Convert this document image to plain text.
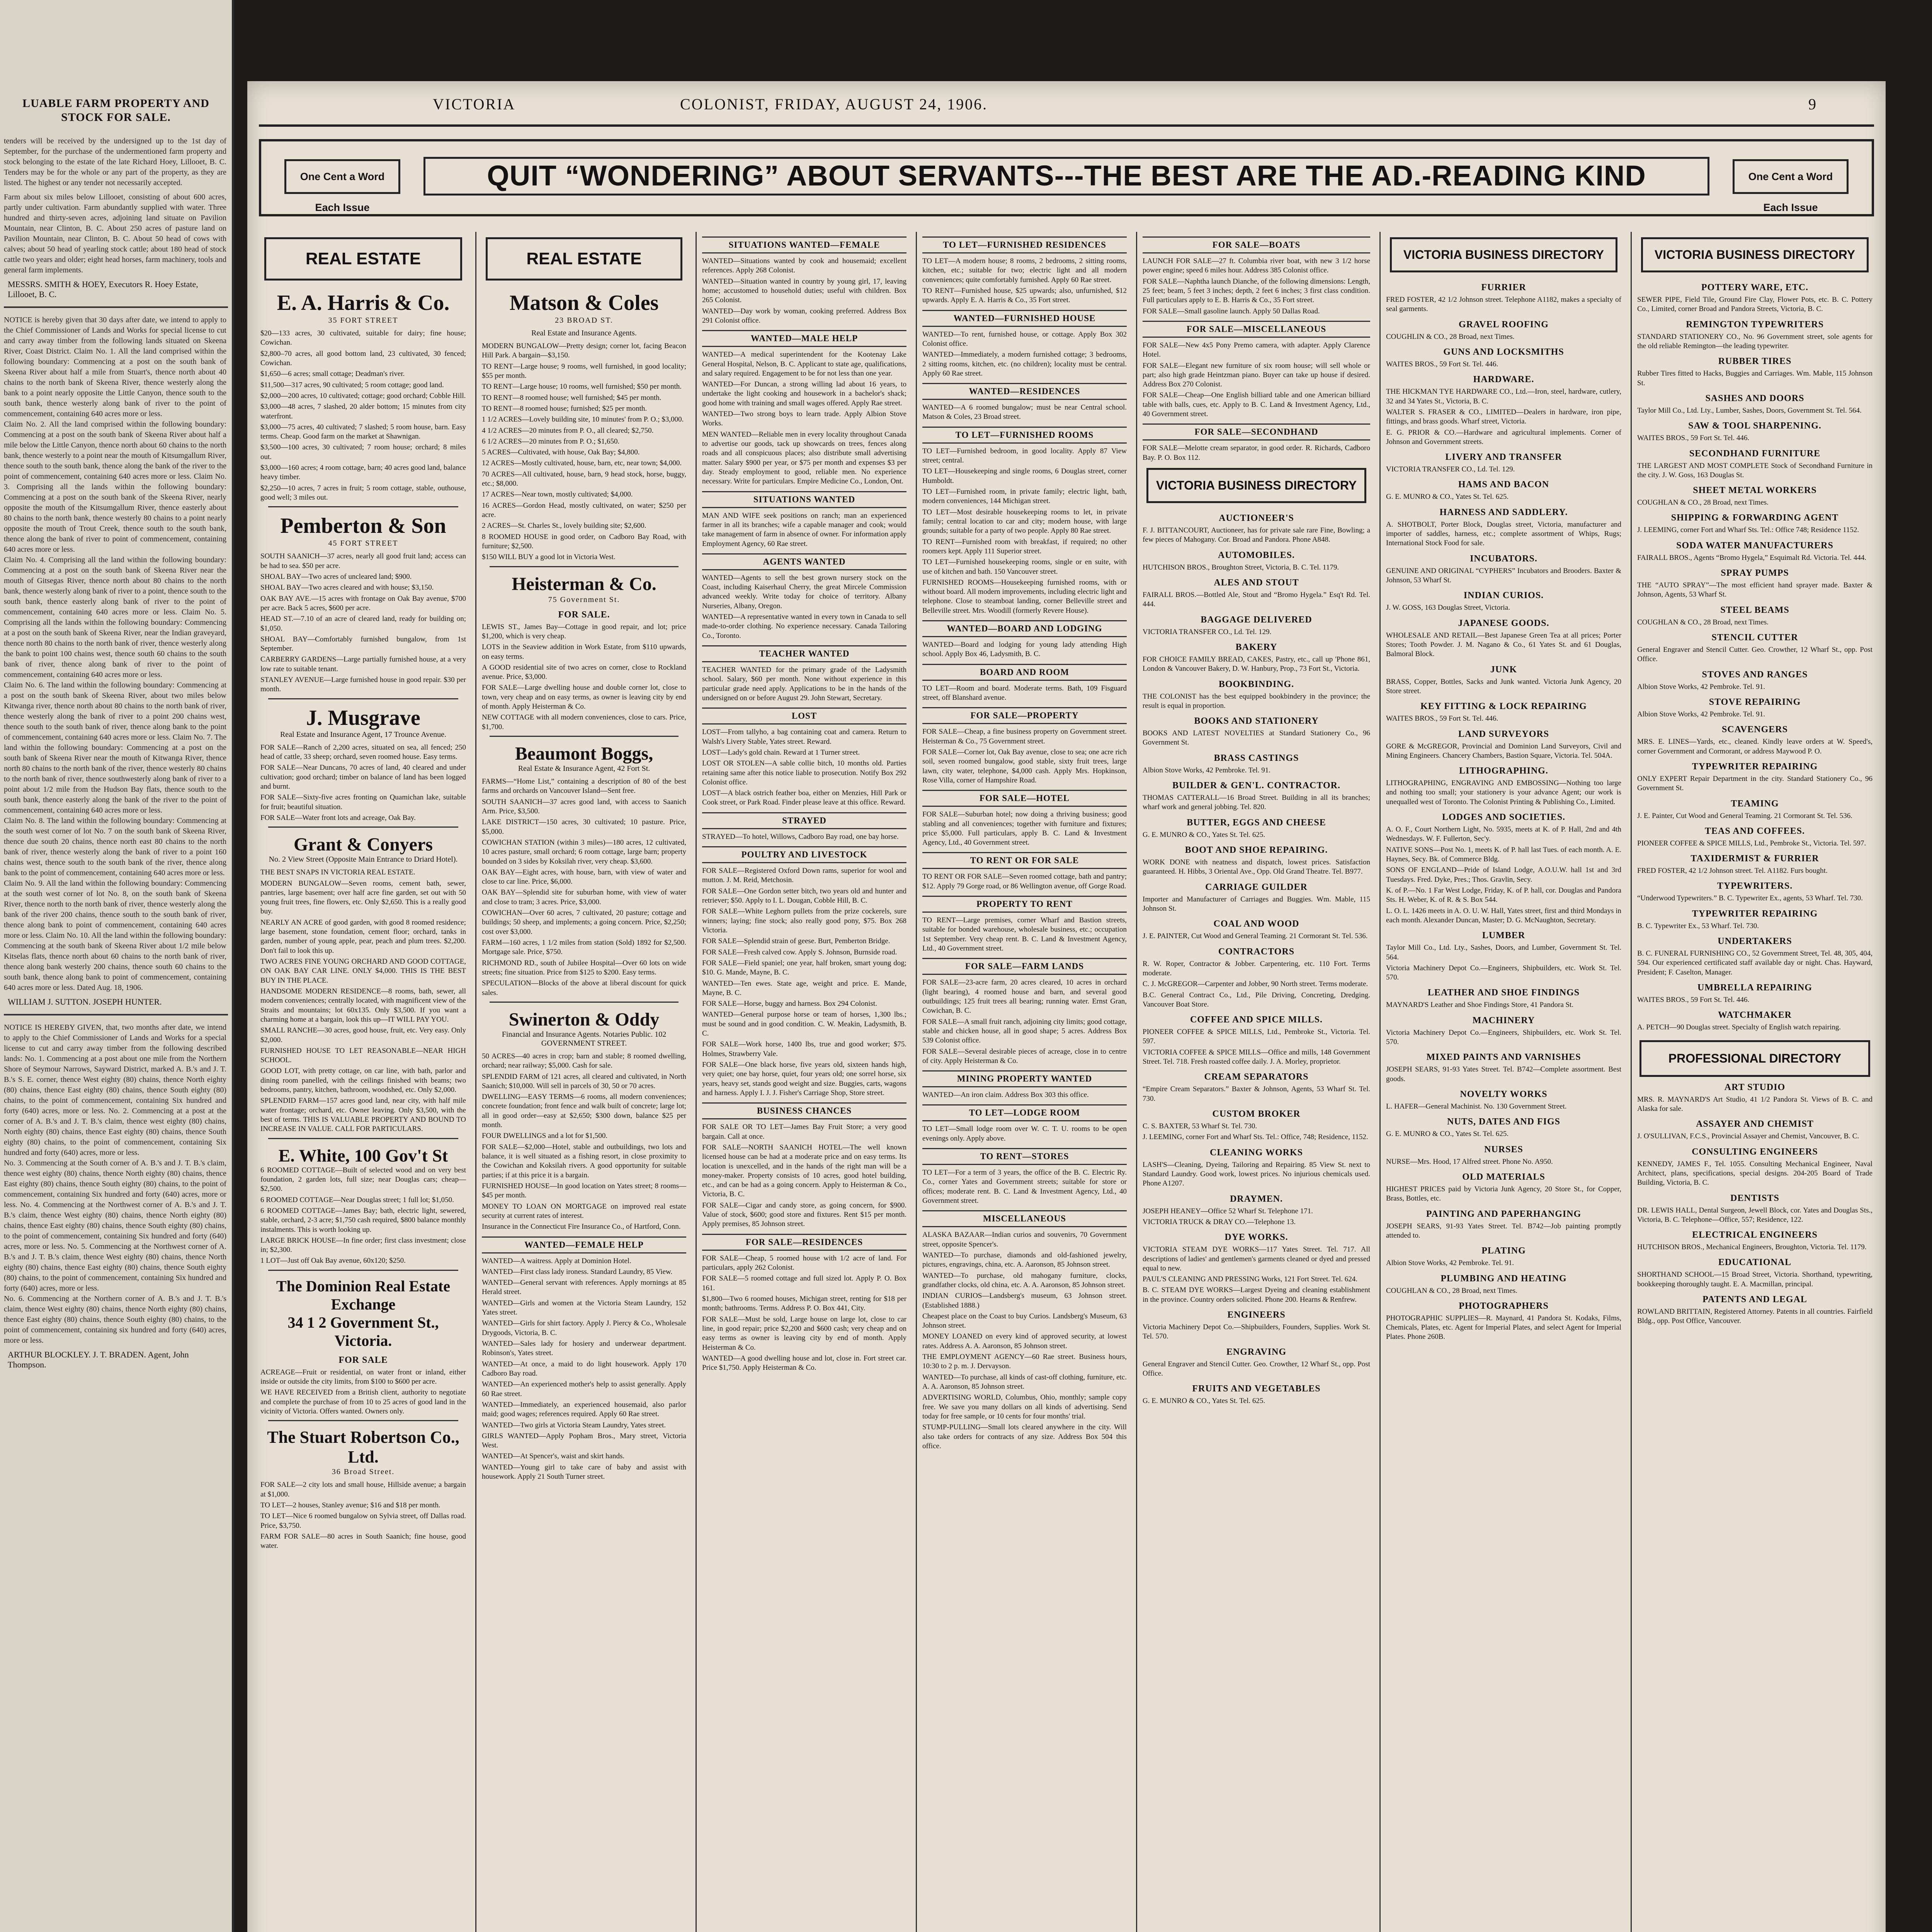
LUABLE FARM PROPERTY AND STOCK FOR SALE.
tenders will be received by the undersigned up to the 1st day of September, for the purchase of the undermentioned farm property and stock belonging to the estate of the late Richard Hoey, Lillooet, B. C. Tenders may be for the whole or any part of the property, as they are listed. The highest or any tender not necessarily accepted.
Farm about six miles below Lillooet, consisting of about 600 acres, partly under cultivation. Farm abundantly supplied with water. Three hundred and thirty-seven acres, adjoining land situate on Pavilion Mountain, near Clinton, B. C. About 250 acres of pasture land on Pavilion Mountain, near Clinton, B. C. About 50 head of cows with calves; about 50 head of yearling stock cattle; about 180 head of stock cattle two years and older; eight head horses, farm machinery, tools and general farm implements.
MESSRS. SMITH & HOEY, Executors R. Hoey Estate, Lillooet, B. C.
NOTICE is hereby given that 30 days after date, we intend to apply to the Chief Commissioner of Lands and Works for special license to cut and carry away timber from the following lands situated on Skeena River, Coast District. Claim No. 1. All the land comprised within the following boundary: Commencing at a post on the south bank of Skeena River about half a mile from Stuart's, thence north about 40 chains to the north bank of Skeena River, thence westerly along the bank to a point nearly opposite the Little Canyon, thence south to the south bank, thence westerly along bank of river to the point of commencement, containing 640 acres more or less.
Claim No. 2. All the land comprised within the following boundary: Commencing at a post on the south bank of Skeena River about half a mile below the Little Canyon, thence north about 60 chains to the north bank, thence westerly to a point near the mouth of Kitsumgallum River, thence south to the south bank, thence along the bank of the river to the point of commencement, containing 640 acres more or less. Claim No. 3. Comprising all the lands within the following boundary: Commencing at a post on the south bank of the Skeena River, nearly opposite the mouth of the Kitsumgallum River, thence easterly about 80 chains to the north bank, thence westerly 80 chains to a point nearly opposite the mouth of Trout Creek, thence south to the south bank, thence along the bank of river to point of commencement, containing 640 acres more or less.
Claim No. 4. Comprising all the land within the following boundary: Commencing at a post on the south bank of Skeena River near the mouth of Gitsegas River, thence north about 80 chains to the north bank, thence westerly along bank of river to a point, thence south to the south bank, thence easterly along bank of river to the point of commencement, containing 640 acres more or less. Claim No. 5. Comprising all the lands within the following boundary: Commencing at a post on the south bank of Skeena River, near the Indian graveyard, thence north 80 chains to the north bank of river, thence westerly along the bank to point 100 chains west, thence south 60 chains to the south bank of river, thence along bank of river to the point of commencement, containing 640 acres more or less.
Claim No. 6. The land within the following boundary: Commencing at a post on the south bank of Skeena River, about two miles below Kitwanga river, thence north about 80 chains to the north bank of river, thence westerly along the bank of river to a point 200 chains west, thence south to the south bank of river, thence along bank to the point of commencement, containing 640 acres more or less. Claim No. 7. The land within the following boundary: Commencing at a post on the south bank of Skeena River near the mouth of Kitwanga River, thence north 80 chains to the north bank of the river, thence westerly 80 chains to the north bank of river, thence southwesterly along bank of river to a point about 1/2 mile from the Hudson Bay flats, thence south to the south bank, thence easterly along the bank of the river to the point of commencement, containing 640 acres more or less.
Claim No. 8. The land within the following boundary: Commencing at the south west corner of lot No. 7 on the south bank of Skeena River, thence due south 20 chains, thence north east 80 chains to the north bank of river, thence westerly along the bank of river to a point 160 chains west, thence south to the south bank of the river, thence along bank to the point of commencement, containing 640 acres more or less.
Claim No. 9. All the land within the following boundary: Commencing at the south west corner of lot No. 8, on the south bank of Skeena River, thence north to the north bank of river, thence westerly along the bank of the river 200 chains, thence south to the south bank of river, thence along bank to point of commencement, containing 640 acres more or less. Claim No. 10. All the land within the following boundary: Commencing at the south bank of Skeena River about 1/2 mile below Kitselas flats, thence north about 60 chains to the north bank of river, thence along bank westerly 200 chains, thence south 60 chains to the south bank, thence along bank to point of commencement, containing 640 acres more or less. Dated Aug. 18, 1906.
WILLIAM J. SUTTON. JOSEPH HUNTER.
NOTICE IS HEREBY GIVEN, that, two months after date, we intend to apply to the Chief Commissioner of Lands and Works for a special license to cut and carry away timber from the following described lands: No. 1. Commencing at a post about one mile from the Northern Shore of Seymour Narrows, Sayward District, marked A. B.'s and J. T. B.'s S. E. corner, thence West eighty (80) chains, thence North eighty (80) chains, thence East eighty (80) chains, thence South eighty (80) chains, to the point of commencement, containing Six hundred and forty (640) acres, more or less. No. 2. Commencing at a post at the corner of A. B.'s and J. T. B.'s claim, thence west eighty (80) chains, North eighty (80) chains, thence East eighty (80) chains, thence South eighty (80) chains, to the point of commencement, containing Six hundred and forty (640) acres, more or less.
No. 3. Commencing at the South corner of A. B.'s and J. T. B.'s claim, thence west eighty (80) chains, thence North eighty (80) chains, thence East eighty (80) chains, thence South eighty (80) chains, to the point of commencement, containing Six hundred and forty (640) acres, more or less. No. 4. Commencing at the Northwest corner of A. B.'s and J. T. B.'s claim, thence West eighty (80) chains, thence North eighty (80) chains, thence East eighty (80) chains, thence South eighty (80) chains, to the point of commencement, containing Six hundred and forty (640) acres, more or less. No. 5. Commencing at the Northwest corner of A. B.'s and J. T. B.'s claim, thence West eighty (80) chains, thence North eighty (80) chains, thence East eighty (80) chains, thence South eighty (80) chains, to the point of commencement, containing Six hundred and forty (640) acres, more or less.
No. 6. Commencing at the Northern corner of A. B.'s and J. T. B.'s claim, thence West eighty (80) chains, thence North eighty (80) chains, thence East eighty (80) chains, thence South eighty (80) chains, to the point of commencement, containing six hundred and forty (640) acres, more or less.
ARTHUR BLOCKLEY. J. T. BRADEN. Agent, John Thompson.
VICTORIA	COLONIST, FRIDAY, AUGUST 24, 1906.	9
One Cent a Word Each Issue
QUIT “WONDERING” ABOUT SERVANTS---THE BEST ARE THE AD.-READING KIND	One Cent a Word Each Issue
REAL ESTATE
E. A. Harris & Co.
35 FORT STREET
$20—133 acres, 30 cultivated, suitable for dairy; fine house; Cowichan.
$2,800–70 acres, all good bottom land, 23 cultivated, 30 fenced; Cowichan.
$1,650—6 acres; small cottage; Deadman's river.
$11,500—317 acres, 90 cultivated; 5 room cottage; good land.
$2,000—200 acres, 10 cultivated; cottage; good orchard; Cobble Hill.
$3,000—48 acres, 7 slashed, 20 alder bottom; 15 minutes from city waterfront.
$3,000—75 acres, 40 cultivated; 7 slashed; 5 room house, barn. Easy terms. Cheap. Good farm on the market at Shawnigan.
$3,500—100 acres, 30 cultivated; 7 room house; orchard; 8 miles out.
$3,000—160 acres; 4 room cottage, barn; 40 acres good land, balance heavy timber.
$2,250—10 acres, 7 acres in fruit; 5 room cottage, stable, outhouse, good well; 3 miles out.
Pemberton & Son
45 FORT STREET
SOUTH SAANICH—37 acres, nearly all good fruit land; access can be had to sea. $50 per acre.
SHOAL BAY—Two acres of uncleared land; $900.
SHOAL BAY—Two acres cleared and with house; $3,150.
OAK BAY AVE.—15 acres with frontage on Oak Bay avenue, $700 per acre. Back 5 acres, $600 per acre.
HEAD ST.—7.10 of an acre of cleared land, ready for building on; $1,050.
SHOAL BAY—Comfortably furnished bungalow, from 1st September.
CARBERRY GARDENS—Large partially furnished house, at a very low rate to suitable tenant.
STANLEY AVENUE—Large furnished house in good repair. $30 per month.
J. Musgrave
Real Estate and Insurance Agent, 17 Trounce Avenue.
FOR SALE—Ranch of 2,200 acres, situated on sea, all fenced; 250 head of cattle, 33 sheep; orchard, seven roomed house. Easy terms.
FOR SALE—Near Duncans, 70 acres of land, 40 cleared and under cultivation; good orchard; timber on balance of land has been logged and burnt.
FOR SALE—Sixty-five acres fronting on Quamichan lake, suitable for fruit; beautiful situation.
FOR SALE—Water front lots and acreage, Oak Bay.
Grant & Conyers
No. 2 View Street (Opposite Main Entrance to Driard Hotel).
THE BEST SNAPS IN VICTORIA REAL ESTATE.
MODERN BUNGALOW—Seven rooms, cement bath, sewer, pantries, large basement; over half acre fine garden, set out with 50 young fruit trees, fine flowers, etc. Only $2,650. This is a really good buy.
NEARLY AN ACRE of good garden, with good 8 roomed residence; large basement, stone foundation, cement floor; orchard, tanks in garden, number of young apple, pear, peach and plum trees. $2,200. Don't fail to look this up.
TWO ACRES FINE YOUNG ORCHARD AND GOOD COTTAGE, ON OAK BAY CAR LINE. ONLY $4,000. THIS IS THE BEST BUY IN THE PLACE.
HANDSOME MODERN RESIDENCE—8 rooms, bath, sewer, all modern conveniences; centrally located, with magnificent view of the Straits and mountains; lot 60x135. Only $3,500. If you want a charming home at a bargain, look this up—IT WILL PAY YOU.
SMALL RANCHE—30 acres, good house, fruit, etc. Very easy. Only $2,000.
FURNISHED HOUSE TO LET REASONABLE—NEAR HIGH SCHOOL.
GOOD LOT, with pretty cottage, on car line, with bath, parlor and dining room panelled, with the ceilings finished with beams; two bedrooms, pantry, kitchen, bathroom, woodshed, etc. Only $2,000.
SPLENDID FARM—157 acres good land, near city, with half mile water frontage; orchard, etc. Owner leaving. Only $3,500, with the best of terms. THIS IS VALUABLE PROPERTY AND BOUND TO INCREASE IN VALUE. CALL FOR PARTICULARS.
E. White, 100 Gov't St
6 ROOMED COTTAGE—Built of selected wood and on very best foundation, 2 garden lots, full size; near Douglas cars; cheap—$2,500.
6 ROOMED COTTAGE—Near Douglas street; 1 full lot; $1,050.
6 ROOMED COTTAGE—James Bay; bath, electric light, sewered, stable, orchard, 2-3 acre; $1,750 cash required, $800 balance monthly instalments. This is worth looking up.
LARGE BRICK HOUSE—In fine order; first class investment; close in; $2,300.
1 LOT—Just off Oak Bay avenue, 60x120; $250.
The Dominion Real Estate Exchange
34 1 2 Government St., Victoria.
FOR SALE
ACREAGE—Fruit or residential, on water front or inland, either inside or outside the city limits, from $100 to $600 per acre.
WE HAVE RECEIVED from a British client, authority to negotiate and complete the purchase of from 10 to 25 acres of good land in the vicinity of Victoria. Offers wanted. Owners only.
The Stuart Robertson Co., Ltd.
36 Broad Street.
FOR SALE—2 city lots and small house, Hillside avenue; a bargain at $1,000.
TO LET—2 houses, Stanley avenue; $16 and $18 per month.
TO LET—Nice 6 roomed bungalow on Sylvia street, off Dallas road. Price, $3,750.
FARM FOR SALE—80 acres in South Saanich; fine house, good water.
REAL ESTATE
Matson & Coles
23 BROAD ST.
Real Estate and Insurance Agents.
MODERN BUNGALOW—Pretty design; corner lot, facing Beacon Hill Park. A bargain—$3,150.
TO RENT—Large house; 9 rooms, well furnished, in good locality; $55 per month.
TO RENT—Large house; 10 rooms, well furnished; $50 per month.
TO RENT—8 roomed house; well furnished; $45 per month.
TO RENT—8 roomed house; furnished; $25 per month.
1 1/2 ACRES—Lovely building site, 10 minutes' from P. O.; $3,000.
4 1/2 ACRES—20 minutes from P. O., all cleared; $2,750.
6 1/2 ACRES—20 minutes from P. O.; $1,650.
5 ACRES—Cultivated, with house, Oak Bay; $4,800.
12 ACRES—Mostly cultivated, house, barn, etc, near town; $4,000.
70 ACRES—All cultivated, house, barn, 9 head stock, horse, buggy, etc.; $8,000.
17 ACRES—Near town, mostly cultivated; $4,000.
16 ACRES—Gordon Head, mostly cultivated, on water; $250 per acre.
2 ACRES—St. Charles St., lovely building site; $2,600.
8 ROOMED HOUSE in good order, on Cadboro Bay Road, with furniture; $2,500.
$150 WILL BUY a good lot in Victoria West.
Heisterman & Co.
75 Government St.
FOR SALE.
LEWIS ST., James Bay—Cottage in good repair, and lot; price $1,200, which is very cheap.
LOTS in the Seaview addition in Work Estate, from $110 upwards, on easy terms.
A GOOD residential site of two acres on corner, close to Rockland avenue. Price, $3,000.
FOR SALE—Large dwelling house and double corner lot, close to town, very cheap and on easy terms, as owner is leaving city by end of month. Apply Heisterman & Co.
NEW COTTAGE with all modern conveniences, close to cars. Price, $1,700.
Beaumont Boggs,
Real Estate & Insurance Agent, 42 Fort St.
FARMS—“Home List,” containing a description of 80 of the best farms and orchards on Vancouver Island—Sent free.
SOUTH SAANICH—37 acres good land, with access to Saanich Arm. Price, $3,500.
LAKE DISTRICT—150 acres, 30 cultivated; 10 pasture. Price, $5,000.
COWICHAN STATION (within 3 miles)—180 acres, 12 cultivated, 10 acres pasture, small orchard; 6 room cottage, large barn; property bounded on 3 sides by Koksilah river, very cheap. $3,600.
OAK BAY—Eight acres, with house, barn, with view of water and close to car line. Price, $6,000.
OAK BAY—Splendid site for suburban home, with view of water and close to tram; 3 acres. Price, $3,000.
COWICHAN—Over 60 acres, 7 cultivated, 20 pasture; cottage and buildings; 50 sheep, and implements; a going concern. Price, $2,250; cost over $3,000.
FARM—160 acres, 1 1/2 miles from station (Sold) 1892 for $2,500. Mortgage sale. Price, $750.
RICHMOND RD., south of Jubilee Hospital—Over 60 lots on wide streets; fine situation. Price from $125 to $200. Easy terms.
SPECULATION—Blocks of the above at liberal discount for quick sales.
Swinerton & Oddy
Financial and Insurance Agents. Notaries Public. 102 GOVERNMENT STREET.
50 ACRES—40 acres in crop; barn and stable; 8 roomed dwelling, orchard; near railway; $5,000. Cash for sale.
SPLENDID FARM of 121 acres, all cleared and cultivated, in North Saanich; $10,000. Will sell in parcels of 30, 50 or 70 acres.
DWELLING—EASY TERMS—6 rooms, all modern conveniences; concrete foundation; front fence and walk built of concrete; large lot; all in good order—easy at $2,650; $300 down, balance $25 per month.
FOUR DWELLINGS and a lot for $1,500.
FOR SALE—$2,000—Hotel, stable and outbuildings, two lots and balance, it is well situated as a fishing resort, in close proximity to the Cowichan and Koksilah rivers. A good opportunity for suitable parties; if at this price it is a bargain.
FURNISHED HOUSE—In good location on Yates street; 8 rooms—$45 per month.
MONEY TO LOAN ON MORTGAGE on improved real estate security at current rates of interest.
Insurance in the Connecticut Fire Insurance Co., of Hartford, Conn.
WANTED—FEMALE HELP
WANTED—A waitress. Apply at Dominion Hotel.
WANTED—First class lady ironess. Standard Laundry, 85 View.
WANTED—General servant with references. Apply mornings at 85 Herald street.
WANTED—Girls and women at the Victoria Steam Laundry, 152 Yates street.
WANTED—Girls for shirt factory. Apply J. Piercy & Co., Wholesale Drygoods, Victoria, B. C.
WANTED—Sales lady for hosiery and underwear department. Robinson's, Yates street.
WANTED—At once, a maid to do light housework. Apply 170 Cadboro Bay road.
WANTED—An experienced mother's help to assist generally. Apply 60 Rae street.
WANTED—Immediately, an experienced housemaid, also parlor maid; good wages; references required. Apply 60 Rae street.
WANTED—Two girls at Victoria Steam Laundry, Yates street.
GIRLS WANTED—Apply Popham Bros., Mary street, Victoria West.
WANTED—At Spencer's, waist and skirt hands.
WANTED—Young girl to take care of baby and assist with housework. Apply 21 South Turner street.
SITUATIONS WANTED—FEMALE
WANTED—Situations wanted by cook and housemaid; excellent references. Apply 268 Colonist.
WANTED—Situation wanted in country by young girl, 17, leaving home; accustomed to household duties; useful with children. Box 265 Colonist.
WANTED—Day work by woman, cooking preferred. Address Box 291 Colonist office.
WANTED—MALE HELP
WANTED—A medical superintendent for the Kootenay Lake General Hospital, Nelson, B. C. Applicant to state age, qualifications, and salary required. Engagement to be for not less than one year.
WANTED—For Duncan, a strong willing lad about 16 years, to undertake the light cooking and housework in a bachelor's shack; good home with training and small wages offered. Apply Rae street.
WANTED—Two strong boys to learn trade. Apply Albion Stove Works.
MEN WANTED—Reliable men in every locality throughout Canada to advertise our goods, tack up showcards on trees, fences along roads and all conspicuous places; also distribute small advertising matter. Salary $900 per year, or $75 per month and expenses $3 per day. Steady employment to good, reliable men. No experience necessary. Write for particulars. Empire Medicine Co., London, Ont.
SITUATIONS WANTED
MAN AND WIFE seek positions on ranch; man an experienced farmer in all its branches; wife a capable manager and cook; would take management of farm in absence of owner. For information apply Employment Agency, 60 Rae street.
AGENTS WANTED
WANTED—Agents to sell the best grown nursery stock on the Coast, including Kaiserhaul Cherry, the great Mircele Commission advanced weekly. Write today for choice of territory. Albany Nurseries, Albany, Oregon.
WANTED—A representative wanted in every town in Canada to sell made-to-order clothing. No experience necessary. Canada Tailoring Co., Toronto.
TEACHER WANTED
TEACHER WANTED for the primary grade of the Ladysmith school. Salary, $60 per month. None without experience in this particular grade need apply. Applications to be in the hands of the undersigned on or before August 29. John Stewart, Secretary.
LOST
LOST—From tallyho, a bag containing coat and camera. Return to Walsh's Livery Stable, Yates street. Reward.
LOST—Lady's gold chain. Reward at 1 Turner street.
LOST OR STOLEN—A sable collie bitch, 10 months old. Parties retaining same after this notice liable to prosecution. Notify Box 292 Colonist office.
LOST—A black ostrich feather boa, either on Menzies, Hill Park or Cook street, or Park Road. Finder please leave at this office. Reward.
STRAYED
STRAYED—To hotel, Willows, Cadboro Bay road, one bay horse.
POULTRY AND LIVESTOCK
FOR SALE—Registered Oxford Down rams, superior for wool and mutton. J. M. Reid, Metchosin.
FOR SALE—One Gordon setter bitch, two years old and hunter and retriever; $50. Apply to I. L. Dougan, Cobble Hill, B. C.
FOR SALE—White Leghorn pullets from the prize cockerels, sure winners; laying; fine stock; also really good pony, $75. Box 268 Victoria.
FOR SALE—Splendid strain of geese. Burt, Pemberton Bridge.
FOR SALE—Fresh calved cow. Apply S. Johnson, Burnside road.
FOR SALE—Field spaniel; one year, half broken, smart young dog; $10. G. Mande, Mayne, B. C.
WANTED—Ten ewes. State age, weight and price. E. Mande, Mayne, B. C.
FOR SALE—Horse, buggy and harness. Box 294 Colonist.
WANTED—General purpose horse or team of horses, 1,300 lbs.; must be sound and in good condition. C. W. Meakin, Ladysmith, B. C.
FOR SALE—Work horse, 1400 lbs, true and good worker; $75. Holmes, Strawberry Vale.
FOR SALE—One black horse, five years old, sixteen hands high, very quiet; one bay horse, quiet, four years old; one sorrel horse, six years, heavy set, stands good weight and size. Buggies, carts, wagons and harness. Apply I. J. J. Fisher's Carriage Shop, Store street.
BUSINESS CHANCES
FOR SALE OR TO LET—James Bay Fruit Store; a very good bargain. Call at once.
FOR SALE—NORTH SAANICH HOTEL—The well known licensed house can be had at a moderate price and on easy terms. Its location is unexcelled, and in the hands of the right man will be a money-maker. Property consists of 10 acres, good hotel building, etc., and can be had as a going concern. Apply to Heisterman & Co., Victoria, B. C.
FOR SALE—Cigar and candy store, as going concern, for $900. Value of stock, $600; good store and fixtures. Rent $15 per month. Apply premises, 85 Johnson street.
FOR SALE—RESIDENCES
FOR SALE—Cheap, 5 roomed house with 1/2 acre of land. For particulars, apply 262 Colonist.
FOR SALE—5 roomed cottage and full sized lot. Apply P. O. Box 161.
$1,800—Two 6 roomed houses, Michigan street, renting for $18 per month; bathrooms. Terms. Address P. O. Box 441, City.
FOR SALE—Must be sold, Large house on large lot, close to car line, in good repair; price $2,200 and $600 cash; very cheap and on easy terms as owner is leaving city by end of month. Apply Heisterman & Co.
WANTED—A good dwelling house and lot, close in. Fort street car. Price $1,750. Apply Heisterman & Co.
TO LET—FURNISHED RESIDENCES
TO LET—A modern house; 8 rooms, 2 bedrooms, 2 sitting rooms, kitchen, etc.; suitable for two; electric light and all modern conveniences; quite comfortably furnished. Apply 60 Rae street.
TO RENT—Furnished house, $25 upwards; also, unfurnished, $12 upwards. Apply E. A. Harris & Co., 35 Fort street.
WANTED—FURNISHED HOUSE
WANTED—To rent, furnished house, or cottage. Apply Box 302 Colonist office.
WANTED—Immediately, a modern furnished cottage; 3 bedrooms, 2 sitting rooms, kitchen, etc. (no children); locality must be central. Apply 60 Rae street.
WANTED—RESIDENCES
WANTED—A 6 roomed bungalow; must be near Central school. Matson & Coles, 23 Broad street.
TO LET—FURNISHED ROOMS
TO LET—Furnished bedroom, in good locality. Apply 87 View street; central.
TO LET—Housekeeping and single rooms, 6 Douglas street, corner Humboldt.
TO LET—Furnished room, in private family; electric light, bath, modern conveniences, 144 Michigan street.
TO LET—Most desirable housekeeping rooms to let, in private family; central location to car and city; modern house, with large grounds; suitable for a party of two people. Apply 80 Rae street.
TO RENT—Furnished room with breakfast, if required; no other roomers kept. Apply 111 Superior street.
TO LET—Furnished housekeeping rooms, single or en suite, with use of kitchen and bath. 150 Vancouver street.
FURNISHED ROOMS—Housekeeping furnished rooms, with or without board. All modern improvements, including electric light and telephone. Close to steamboat landing, corner Belleville street and Belleville street. Mrs. Woodill (formerly Revere House).
WANTED—BOARD AND LODGING
WANTED—Board and lodging for young lady attending High school. Apply Box 46, Ladysmith, B. C.
BOARD AND ROOM
TO LET—Room and board. Moderate terms. Bath, 109 Fisguard street, off Blanshard avenue.
FOR SALE—PROPERTY
FOR SALE—Cheap, a fine business property on Government street. Heisterman & Co., 75 Government street.
FOR SALE—Corner lot, Oak Bay avenue, close to sea; one acre rich soil, seven roomed bungalow, good stable, sixty fruit trees, large lawn, city water, telephone, $4,000 cash. Apply Mrs. Hopkinson, Rose Villa, corner of Hampshire Road.
FOR SALE—HOTEL
FOR SALE—Suburban hotel; now doing a thriving business; good stabling and all conveniences; together with furniture and fixtures; price $5,000. Full particulars, apply B. C. Land & Investment Agency, Ltd., 40 Government street.
TO RENT OR FOR SALE
TO RENT OR FOR SALE—Seven roomed cottage, bath and pantry; $12. Apply 79 Gorge road, or 86 Wellington avenue, off Gorge Road.
PROPERTY TO RENT
TO RENT—Large premises, corner Wharf and Bastion streets, suitable for bonded warehouse, wholesale business, etc.; occupation 1st September. Very cheap rent. B. C. Land & Investment Agency, Ltd., 40 Government street.
FOR SALE—FARM LANDS
FOR SALE—23-acre farm, 20 acres cleared, 10 acres in orchard (light bearing), 4 roomed house and barn, and several good outbuildings; 125 fruit trees all bearing; running water. Ernst Gran, Cowichan, B. C.
FOR SALE—A small fruit ranch, adjoining city limits; good cottage, stable and chicken house, all in good shape; 5 acres. Address Box 539 Colonist office.
FOR SALE—Several desirable pieces of acreage, close in to centre of city. Apply Heisterman & Co.
MINING PROPERTY WANTED
WANTED—An iron claim. Address Box 303 this office.
TO LET—LODGE ROOM
TO LET—Small lodge room over W. C. T. U. rooms to be open evenings only. Apply above.
TO RENT—STORES
TO LET—For a term of 3 years, the office of the B. C. Electric Ry. Co., corner Yates and Government streets; suitable for store or offices; moderate rent. B. C. Land & Investment Agency, Ltd., 40 Government street.
MISCELLANEOUS
ALASKA BAZAAR—Indian curios and souvenirs, 70 Government street, opposite Spencer's.
WANTED—To purchase, diamonds and old-fashioned jewelry, pictures, engravings, china, etc. A. Aaronson, 85 Johnson street.
WANTED—To purchase, old mahogany furniture, clocks, grandfather clocks, old china, etc. A. A. Aaronson, 85 Johnson street.
INDIAN CURIOS—Landsberg's museum, 63 Johnson street. (Established 1888.)
Cheapest place on the Coast to buy Curios. Landsberg's Museum, 63 Johnson street.
MONEY LOANED on every kind of approved security, at lowest rates. Address A. A. Aaronson, 85 Johnson street.
THE EMPLOYMENT AGENCY—60 Rae street. Business hours, 10:30 to 2 p. m. J. Dervayson.
WANTED—To purchase, all kinds of cast-off clothing, furniture, etc. A. A. Aaronson, 85 Johnson street.
ADVERTISING WORLD, Columbus, Ohio, monthly; sample copy free. We save you many dollars on all kinds of advertising. Send today for free sample, or 10 cents for four months' trial.
STUMP-PULLING—Small lots cleared anywhere in the city. Will also take orders for contracts of any size. Address Box 504 this office.
FOR SALE—BOATS
LAUNCH FOR SALE—27 ft. Columbia river boat, with new 3 1/2 horse power engine; speed 6 miles hour. Address 385 Colonist office.
FOR SALE—Naphtha launch Dianche, of the following dimensions: Length, 25 feet; beam, 5 feet 3 inches; depth, 2 feet 6 inches; 3 first class condition. Full particulars apply to E. B. Harris & Co., 35 Fort street.
FOR SALE—Small gasoline launch. Apply 50 Dallas Road.
FOR SALE—MISCELLANEOUS
FOR SALE—New 4x5 Pony Premo camera, with adapter. Apply Clarence Hotel.
FOR SALE—Elegant new furniture of six room house; will sell whole or part; also high grade Heintzman piano. Buyer can take up house if desired. Address Box 270 Colonist.
FOR SALE—Cheap—One English billiard table and one American billiard table with balls, cues, etc. Apply to B. C. Land & Investment Agency, Ltd., 40 Government street.
FOR SALE—SECONDHAND
FOR SALE—Melotte cream separator, in good order. R. Richards, Cadboro Bay. P. O. Box 112.
VICTORIA BUSINESS DIRECTORY
AUCTIONEER'S
F. J. BITTANCOURT, Auctioneer, has for private sale rare Fine, Bowling; a few pieces of Mahogany. Cor. Broad and Pandora. Phone A848.
AUTOMOBILES.
HUTCHISON BROS., Broughton Street, Victoria, B. C. Tel. 1179.
ALES AND STOUT
FAIRALL BROS.—Bottled Ale, Stout and “Bromo Hygela.” Esq't Rd. Tel. 444.
BAGGAGE DELIVERED
VICTORIA TRANSFER CO., Ld. Tel. 129.
BAKERY
FOR CHOICE FAMILY BREAD, CAKES, Pastry, etc., call up 'Phone 861, London & Vancouver Bakery, D. W. Hanbury, Prop., 73 Fort St., Victoria.
BOOKBINDING.
THE COLONIST has the best equipped bookbindery in the province; the result is equal in proportion.
BOOKS AND STATIONERY
BOOKS AND LATEST NOVELTIES at Standard Stationery Co., 96 Government St.
BRASS CASTINGS
Albion Stove Works, 42 Pembroke. Tel. 91.
BUILDER & GEN'L. CONTRACTOR.
THOMAS CATTERALL—16 Broad Street. Building in all its branches; wharf work and general jobbing. Tel. 820.
BUTTER, EGGS AND CHEESE
G. E. MUNRO & CO., Yates St. Tel. 625.
BOOT AND SHOE REPAIRING.
WORK DONE with neatness and dispatch, lowest prices. Satisfaction guaranteed. H. Hibbs, 3 Oriental Ave., Opp. Old Grand Theatre. Tel. B977.
CARRIAGE GUILDER
Importer and Manufacturer of Carriages and Buggies. Wm. Mable, 115 Johnson St.
COAL AND WOOD
J. E. PAINTER, Cut Wood and General Teaming. 21 Cormorant St. Tel. 536.
CONTRACTORS
R. W. Roper, Contractor & Jobber. Carpentering, etc. 110 Fort. Terms moderate.
C. J. McGREGOR—Carpenter and Jobber, 90 North street. Terms moderate.
B.C. General Contract Co., Ltd., Pile Driving, Concreting, Dredging. Vancouver Boat Store.
COFFEE AND SPICE MILLS.
PIONEER COFFEE & SPICE MILLS, Ltd., Pembroke St., Victoria. Tel. 597.
VICTORIA COFFEE & SPICE MILLS—Office and mills, 148 Government Street. Tel. 718. Fresh roasted coffee daily. J. A. Morley, proprietor.
CREAM SEPARATORS
“Empire Cream Separators.” Baxter & Johnson, Agents, 53 Wharf St. Tel. 730.
CUSTOM BROKER
C. S. BAXTER, 53 Wharf St. Tel. 730.
J. LEEMING, corner Fort and Wharf Sts. Tel.: Office, 748; Residence, 1152.
CLEANING WORKS
LASH'S—Cleaning, Dyeing, Tailoring and Repairing. 85 View St. next to Standard Laundry. Good work, lowest prices. No injurious chemicals used. Phone A1207.
DRAYMEN.
JOSEPH HEANEY—Office 52 Wharf St. Telephone 171.
VICTORIA TRUCK & DRAY CO.—Telephone 13.
DYE WORKS.
VICTORIA STEAM DYE WORKS—117 Yates Street. Tel. 717. All descriptions of ladies' and gentlemen's garments cleaned or dyed and pressed equal to new.
PAUL'S CLEANING AND PRESSING Works, 121 Fort Street. Tel. 624.
B. C. STEAM DYE WORKS—Largest Dyeing and cleaning establishment in the province. Country orders solicited. Phone 200. Hearns & Renfrew.
ENGINEERS
Victoria Machinery Depot Co.—Shipbuilders, Founders, Supplies. Work St. Tel. 570.
ENGRAVING
General Engraver and Stencil Cutter. Geo. Crowther, 12 Wharf St., opp. Post Office.
FRUITS AND VEGETABLES
G. E. MUNRO & CO., Yates St. Tel. 625.
VICTORIA BUSINESS DIRECTORY
FURRIER
FRED FOSTER, 42 1/2 Johnson street. Telephone A1182, makes a specialty of seal garments.
GRAVEL ROOFING
COUGHLIN & CO., 28 Broad, next Times.
GUNS AND LOCKSMITHS
WAITES BROS., 59 Fort St. Tel. 446.
HARDWARE.
THE HICKMAN TYE HARDWARE CO., Ltd.—Iron, steel, hardware, cutlery, 32 and 34 Yates St., Victoria, B. C.
WALTER S. FRASER & CO., LIMITED—Dealers in hardware, iron pipe, fittings, and brass goods. Wharf street, Victoria.
E. G. PRIOR & CO.—Hardware and agricultural implements. Corner of Johnson and Government streets.
LIVERY AND TRANSFER
VICTORIA TRANSFER CO., Ld. Tel. 129.
HAMS AND BACON
G. E. MUNRO & CO., Yates St. Tel. 625.
HARNESS AND SADDLERY.
A. SHOTBOLT, Porter Block, Douglas street, Victoria, manufacturer and importer of saddles, harness, etc.; complete assortment of Whips, Rugs; International Stock Food for sale.
INCUBATORS.
GENUINE AND ORIGINAL “CYPHERS” Incubators and Brooders. Baxter & Johnson, 53 Wharf St.
INDIAN CURIOS.
J. W. GOSS, 163 Douglas Street, Victoria.
JAPANESE GOODS.
WHOLESALE AND RETAIL—Best Japanese Green Tea at all prices; Porter Stores; Tooth Powder. J. M. Nagano & Co., 61 Yates St. and 61 Douglas, Balmoral Block.
JUNK
BRASS, Copper, Bottles, Sacks and Junk wanted. Victoria Junk Agency, 20 Store street.
KEY FITTING & LOCK REPAIRING
WAITES BROS., 59 Fort St. Tel. 446.
LAND SURVEYORS
GORE & McGREGOR, Provincial and Dominion Land Surveyors, Civil and Mining Engineers. Chancery Chambers, Bastion Square, Victoria. Tel. 504A.
LITHOGRAPHING.
LITHOGRAPHING, ENGRAVING AND EMBOSSING—Nothing too large and nothing too small; your stationery is your advance Agent; our work is unequalled west of Toronto. The Colonist Printing & Publishing Co., Limited.
LODGES AND SOCIETIES.
A. O. F., Court Northern Light, No. 5935, meets at K. of P. Hall, 2nd and 4th Wednesdays. W. F. Fullerton, Sec'y.
NATIVE SONS—Post No. 1, meets K. of P. hall last Tues. of each month. A. E. Haynes, Secy. Bk. of Commerce Bldg.
SONS OF ENGLAND—Pride of Island Lodge, A.O.U.W. hall 1st and 3rd Tuesdays. Fred. Dyke, Pres.; Thos. Gravlin, Secy.
K. of P.—No. 1 Far West Lodge, Friday, K. of P. hall, cor. Douglas and Pandora Sts. H. Weber, K. of R. & S. Box 544.
L. O. L. 1426 meets in A. O. U. W. Hall, Yates street, first and third Mondays in each month. Alexander Duncan, Master; D. G. McNaughton, Secretary.
LUMBER
Taylor Mill Co., Ltd. Lty., Sashes, Doors, and Lumber, Government St. Tel. 564.
Victoria Machinery Depot Co.—Engineers, Shipbuilders, etc. Work St. Tel. 570.
LEATHER AND SHOE FINDINGS
MAYNARD'S Leather and Shoe Findings Store, 41 Pandora St.
MACHINERY
Victoria Machinery Depot Co.—Engineers, Shipbuilders, etc. Work St. Tel. 570.
MIXED PAINTS AND VARNISHES
JOSEPH SEARS, 91-93 Yates Street. Tel. B742—Complete assortment. Best goods.
NOVELTY WORKS
L. HAFER—General Machinist. No. 130 Government Street.
NUTS, DATES AND FIGS
G. E. MUNRO & CO., Yates St. Tel. 625.
NURSES
NURSE—Mrs. Hood, 17 Alfred street. Phone No. A950.
OLD MATERIALS
HIGHEST PRICES paid by Victoria Junk Agency, 20 Store St., for Copper, Brass, Bottles, etc.
PAINTING AND PAPERHANGING
JOSEPH SEARS, 91-93 Yates Street. Tel. B742—Job painting promptly attended to.
PLATING
Albion Stove Works, 42 Pembroke. Tel. 91.
PLUMBING AND HEATING
COUGHLAN & CO., 28 Broad, next Times.
PHOTOGRAPHERS
PHOTOGRAPHIC SUPPLIES—R. Maynard, 41 Pandora St. Kodaks, Films, Chemicals, Plates, etc. Agent for Imperial Plates, and select Agent for Imperial Plates. Phone 260B.
VICTORIA BUSINESS DIRECTORY
POTTERY WARE, ETC.
SEWER PIPE, Field Tile, Ground Fire Clay, Flower Pots, etc. B. C. Pottery Co., Limited, corner Broad and Pandora Streets, Victoria, B. C.
REMINGTON TYPEWRITERS
STANDARD STATIONERY CO., No. 96 Government street, sole agents for the old reliable Remington—the leading typewriter.
RUBBER TIRES
Rubber Tires fitted to Hacks, Buggies and Carriages. Wm. Mable, 115 Johnson St.
SASHES AND DOORS
Taylor Mill Co., Ltd. Lty., Lumber, Sashes, Doors, Government St. Tel. 564.
SAW & TOOL SHARPENING.
WAITES BROS., 59 Fort St. Tel. 446.
SECONDHAND FURNITURE
THE LARGEST AND MOST COMPLETE Stock of Secondhand Furniture in the city. J. W. Goss, 163 Douglas St.
SHEET METAL WORKERS
COUGHLAN & CO., 28 Broad, next Times.
SHIPPING & FORWARDING AGENT
J. LEEMING, corner Fort and Wharf Sts. Tel.: Office 748; Residence 1152.
SODA WATER MANUFACTURERS
FAIRALL BROS., Agents “Bromo Hygela,” Esquimalt Rd. Victoria. Tel. 444.
SPRAY PUMPS
THE “AUTO SPRAY”—The most efficient hand sprayer made. Baxter & Johnson, Agents, 53 Wharf St.
STEEL BEAMS
COUGHLAN & CO., 28 Broad, next Times.
STENCIL CUTTER
General Engraver and Stencil Cutter. Geo. Crowther, 12 Wharf St., opp. Post Office.
STOVES AND RANGES
Albion Stove Works, 42 Pembroke. Tel. 91.
STOVE REPAIRING
Albion Stove Works, 42 Pembroke. Tel. 91.
SCAVENGERS
MRS. E. LINES—Yards, etc., cleaned. Kindly leave orders at W. Speed's, corner Government and Cormorant, or address Maywood P. O.
TYPEWRITER REPAIRING
ONLY EXPERT Repair Department in the city. Standard Stationery Co., 96 Government St.
TEAMING
J. E. Painter, Cut Wood and General Teaming. 21 Cormorant St. Tel. 536.
TEAS AND COFFEES.
PIONEER COFFEE & SPICE MILLS, Ltd., Pembroke St., Victoria. Tel. 597.
TAXIDERMIST & FURRIER
FRED FOSTER, 42 1/2 Johnson street. Tel. A1182. Furs bought.
TYPEWRITERS.
“Underwood Typewriters.” B. C. Typewriter Ex., agents, 53 Wharf. Tel. 730.
TYPEWRITER REPAIRING
B. C. Typewriter Ex., 53 Wharf. Tel. 730.
UNDERTAKERS
B. C. FUNERAL FURNISHING CO., 52 Government Street, Tel. 48, 305, 404, 594. Our experienced certificated staff available day or night. Chas. Hayward, President; F. Caselton, Manager.
UMBRELLA REPAIRING
WAITES BROS., 59 Fort St. Tel. 446.
WATCHMAKER
A. PETCH—90 Douglas street. Specialty of English watch repairing.
PROFESSIONAL DIRECTORY
ART STUDIO
MRS. R. MAYNARD'S Art Studio, 41 1/2 Pandora St. Views of B. C. and Alaska for sale.
ASSAYER AND CHEMIST
J. O'SULLIVAN, F.C.S., Provincial Assayer and Chemist, Vancouver, B. C.
CONSULTING ENGINEERS
KENNEDY, JAMES F., Tel. 1055. Consulting Mechanical Engineer, Naval Architect, plans, specifications, special designs. 204-205 Board of Trade Building, Victoria, B. C.
DENTISTS
DR. LEWIS HALL, Dental Surgeon, Jewell Block, cor. Yates and Douglas Sts., Victoria, B. C. Telephone—Office, 557; Residence, 122.
ELECTRICAL ENGINEERS
HUTCHISON BROS., Mechanical Engineers, Broughton, Victoria. Tel. 1179.
EDUCATIONAL
SHORTHAND SCHOOL—15 Broad Street, Victoria. Shorthand, typewriting, bookkeeping thoroughly taught. E. A. Macmillan, principal.
PATENTS AND LEGAL
ROWLAND BRITTAIN, Registered Attorney. Patents in all countries. Fairfield Bldg., opp. Post Office, Vancouver.
